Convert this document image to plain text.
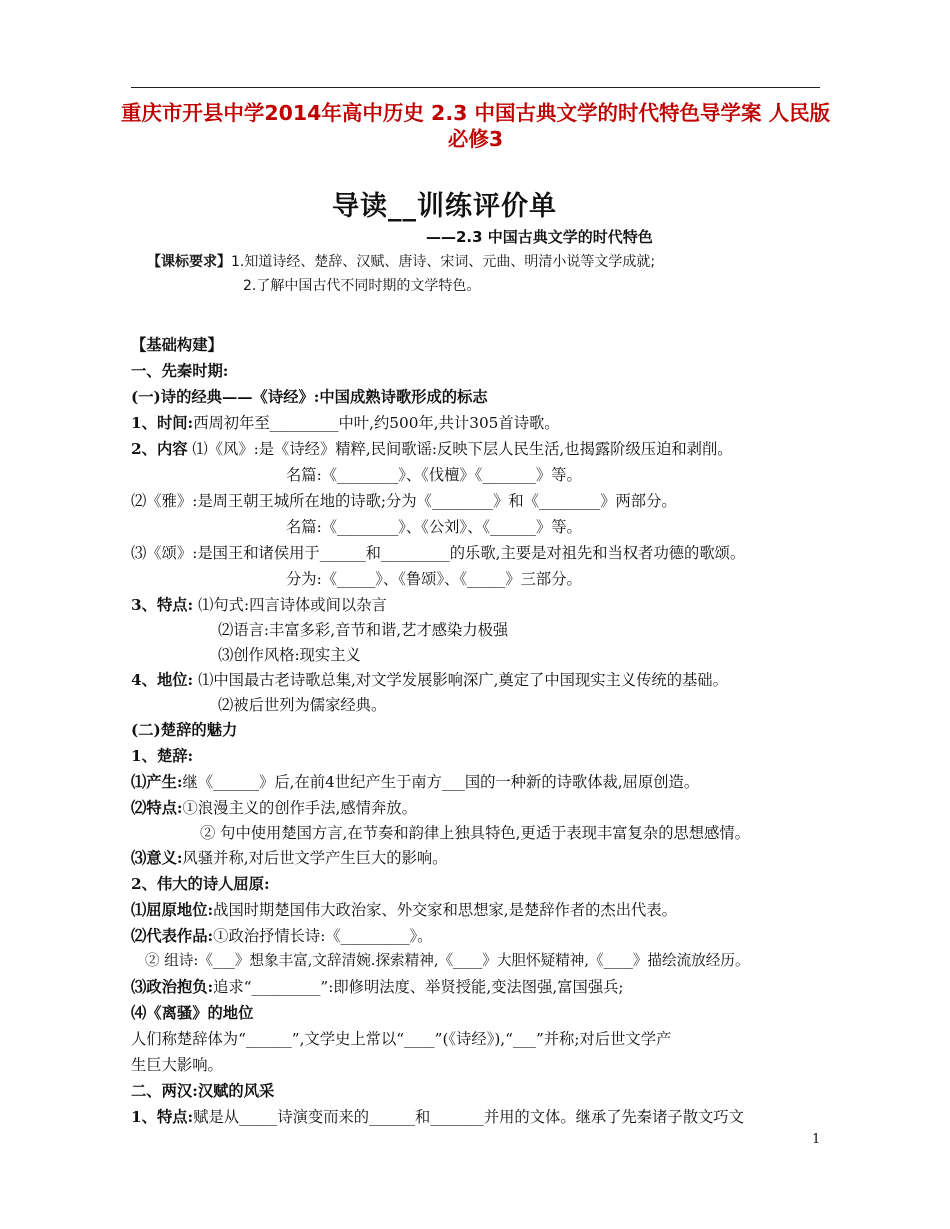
重庆市开县中学2014年高中历史 2.3 中国古典文学的时代特色导学案 人民版必修3
导读__训练评价单
——2.3 中国古典文学的时代特色
【课标要求】1.知道诗经、楚辞、汉赋、唐诗、宋词、元曲、明清小说等文学成就;
2.了解中国古代不同时期的文学特色。
【基础构建】
一、先秦时期:
(一)诗的经典——《诗经》:中国成熟诗歌形成的标志
1、时间:西周初年至_________中叶,约500年,共计305首诗歌。
2、内容 ⑴《风》:是《诗经》精粹,民间歌谣:反映下层人民生活,也揭露阶级压迫和剥削。
名篇:《________》、《伐檀》《_______》等。
⑵《雅》:是周王朝王城所在地的诗歌;分为《________》和《________》两部分。
名篇:《________》、《公刘》、《______》等。
⑶《颂》:是国王和诸侯用于______和_________的乐歌,主要是对祖先和当权者功德的歌颂。
分为:《_____》、《鲁颂》、《_____》三部分。
3、特点: ⑴句式:四言诗体或间以杂言
⑵语言:丰富多彩,音节和谐,艺才感染力极强
⑶创作风格:现实主义
4、地位: ⑴中国最古老诗歌总集,对文学发展影响深广,奠定了中国现实主义传统的基础。
⑵被后世列为儒家经典。
(二)楚辞的魅力
1、楚辞:
⑴产生:继《______》后,在前4世纪产生于南方___国的一种新的诗歌体裁,屈原创造。
⑵特点:①浪漫主义的创作手法,感情奔放。
② 句中使用楚国方言,在节奏和韵律上独具特色,更适于表现丰富复杂的思想感情。
⑶意义:风骚并称,对后世文学产生巨大的影响。
2、伟大的诗人屈原:
⑴屈原地位:战国时期楚国伟大政治家、外交家和思想家,是楚辞作者的杰出代表。
⑵代表作品:①政治抒情长诗:《_________》。
② 组诗:《___》想象丰富,文辞清婉.探索精神,《____》大胆怀疑精神,《____》描绘流放经历。
⑶政治抱负:追求“_________”:即修明法度、举贤授能,变法图强,富国强兵;
⑷《离骚》的地位
人们称楚辞体为“______”,文学史上常以“____”(《诗经》),“___”并称;对后世文学产
生巨大影响。
二、两汉:汉赋的风采
1、特点:赋是从_____诗演变而来的______和_______并用的文体。继承了先秦诸子散文巧文
1
